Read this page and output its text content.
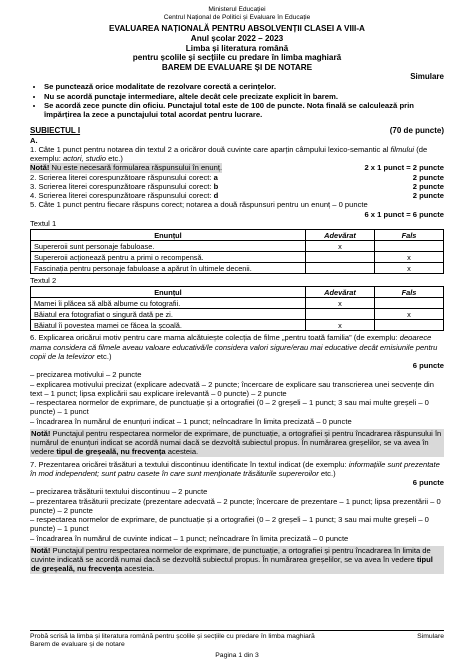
Ministerul Educației
Centrul Național de Politici și Evaluare în Educație
EVALUAREA NAȚIONALĂ PENTRU ABSOLVENȚII CLASEI A VIII-A
Anul școlar 2022 – 2023
Limba și literatura română
pentru școlile și secțiile cu predare în limba maghiară
BAREM DE EVALUARE ȘI DE NOTARE
Simulare
• Se punctează orice modalitate de rezolvare corectă a cerințelor.
• Nu se acordă punctaje intermediare, altele decât cele precizate explicit în barem.
• Se acordă zece puncte din oficiu. Punctajul total este de 100 de puncte. Nota finală se calculează prin împărțirea la zece a punctajului total acordat pentru lucrare.
SUBIECTUL I	(70 de puncte)
A.
1. Câte 1 punct pentru notarea din textul 2 a oricăror două cuvinte care aparțin câmpului lexico-semantic al filmului (de exemplu: actori, studio etc.)
Notă! Nu este necesară formularea răspunsului în enunț.	2 x 1 punct = 2 puncte
2. Scrierea literei corespunzătoare răspunsului corect: a	2 puncte
3. Scrierea literei corespunzătoare răspunsului corect: b	2 puncte
4. Scrierea literei corespunzătoare răspunsului corect: d	2 puncte
5. Câte 1 punct pentru fiecare răspuns corect; notarea a două răspunsuri pentru un enunț – 0 puncte
6 x 1 punct = 6 puncte
Textul 1
Enunțul	Adevărat	Fals
Supereroii sunt personaje fabuloase.	x	
Supereroii acționează pentru a primi o recompensă.		x
Fascinația pentru personaje fabuloase a apărut în ultimele decenii.		x
Textul 2
Enunțul	Adevărat	Fals
Mamei îi plăcea să albă albume cu fotografii.	x	
Băiatul era fotografiat o singură dată pe zi.		x
Băiatul îi povestea mamei ce făcea la școală.	x	
6. Explicarea oricărui motiv pentru care mama alcătuiește colecția de filme „pentru toată familia” (de exemplu: deoarece mama considera că filmele aveau valoare educativă/le considera valori sigure/erau mai educative decât emisiunile pentru copii de la televizor etc.)
6 puncte
– precizarea motivului – 2 puncte
– explicarea motivului precizat (explicare adecvată – 2 puncte; încercare de explicare sau transcrierea unei secvențe din text – 1 punct; lipsa explicării sau explicare irelevantă – 0 puncte) – 2 puncte
– respectarea normelor de exprimare, de punctuație și a ortografiei (0 – 2 greșeli – 1 punct; 3 sau mai multe greșeli – 0 puncte) – 1 punct
– încadrarea în numărul de enunțuri indicat – 1 punct; neîncadrare în limita precizată – 0 puncte
Notă! Punctajul pentru respectarea normelor de exprimare, de punctuație, a ortografiei și pentru încadrarea răspunsului în numărul de enunțuri indicat se acordă numai dacă se dezvoltă subiectul propus. În numărarea greșelilor, se va avea în vedere tipul de greșeală, nu frecvența acesteia.
7. Prezentarea oricărei trăsături a textului discontinuu identificate în textul indicat (de exemplu: informațiile sunt prezentate în mod independent; sunt patru casete în care sunt menționate trăsăturile supereroilor etc.)
6 puncte
– precizarea trăsăturii textului discontinuu – 2 puncte
– prezentarea trăsăturii precizate (prezentare adecvată – 2 puncte; încercare de prezentare – 1 punct; lipsa prezentării – 0 puncte) – 2 puncte
– respectarea normelor de exprimare, de punctuație și a ortografiei (0 – 2 greșeli – 1 punct; 3 sau mai multe greșeli – 0 puncte) – 1 punct
– încadrarea în numărul de cuvinte indicat – 1 punct; neîncadrare în limita precizată – 0 puncte
Notă! Punctajul pentru respectarea normelor de exprimare, de punctuație, a ortografiei și pentru încadrarea în limita de cuvinte indicată se acordă numai dacă se dezvoltă subiectul propus. În numărarea greșelilor, se va avea în vedere tipul de greșeală, nu frecvența acesteia.
Probă scrisă la limba și literatura română pentru școlile și secțiile cu predare în limba maghiară	Simulare
Barem de evaluare și de notare
Pagina 1 din 3
